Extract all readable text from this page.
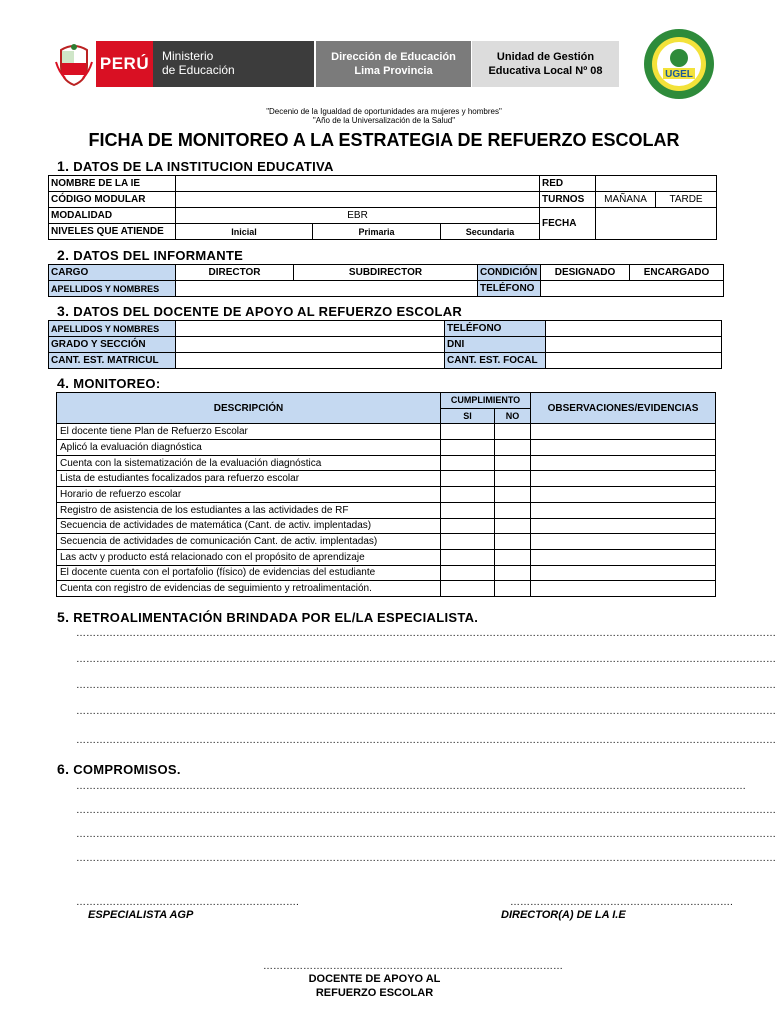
PERÚ	Ministerio
de Educación
Dirección de Educación
Lima Provincia
Unidad de Gestión
Educativa Local Nº 08	UGEL
"Decenio de la Igualdad de oportunidades ara mujeres y hombres"
"Año de la Universalización de la Salud"
FICHA DE MONITOREO A LA ESTRATEGIA DE REFUERZO ESCOLAR
1. DATOS DE LA INSTITUCION EDUCATIVA
NOMBRE DE LA IE				RED		
CÓDIGO MODULAR				TURNOS	MAÑANA	TARDE
MODALIDAD	EBR			FECHA		
NIVELES QUE ATIENDE	Inicial	Primaria	Secundaria			
2. DATOS DEL INFORMANTE
CARGO	DIRECTOR	SUBDIRECTOR	CONDICIÓN	DESIGNADO	ENCARGADO
APELLIDOS Y NOMBRES			TELÉFONO		
3. DATOS DEL DOCENTE DE APOYO AL REFUERZO ESCOLAR
APELLIDOS Y NOMBRES		TELÉFONO	
GRADO Y SECCIÓN		DNI	
CANT. EST. MATRICUL		CANT. EST. FOCAL	
4. MONITOREO:
DESCRIPCIÓN	CUMPLIMIENTO		OBSERVACIONES/EVIDENCIAS
	SI	NO	
El docente tiene Plan de Refuerzo Escolar			
Aplicó la evaluación diagnóstica			
Cuenta con la sistematización de la evaluación diagnóstica			
Lista de estudiantes focalizados para refuerzo escolar			
Horario de refuerzo escolar			
Registro de asistencia de los estudiantes a las actividades de RF			
Secuencia de actividades de matemática (Cant. de activ. implentadas)			
Secuencia de actividades de comunicación Cant. de activ. implentadas)			
Las actv y producto está relacionado con el propósito de aprendizaje			
El docente cuenta con el portafolio (físico) de evidencias del estudiante			
Cuenta con registro de evidencias de seguimiento y retroalimentación.			
5. RETROALIMENTACIÓN BRINDADA POR EL/LA ESPECIALISTA.
…………………………………………………………………………………………………………………………………………………………………………………………
…………………………………………………………………………………………………………………………………………………………………………………………
…………………………………………………………………………………………………………………………………………………………………………………………
…………………………………………………………………………………………………………………………………………………………………………………………
…………………………………………………………………………………………………………………………………………………………………………………………
6. COMPROMISOS.
…………………………………………………………………………………………………………………………………………………………………………………
…………………………………………………………………………………………………………………………………………………………………………………………
…………………………………………………………………………………………………………………………………………………………………………………………
…………………………………………………………………………………………………………………………………………………………………………………………
………………………………………………………….
ESPECIALISTA AGP
………………………………………………………….
DIRECTOR(A) DE LA I.E
………………………………………………………………………………
DOCENTE DE APOYO AL
REFUERZO ESCOLAR
